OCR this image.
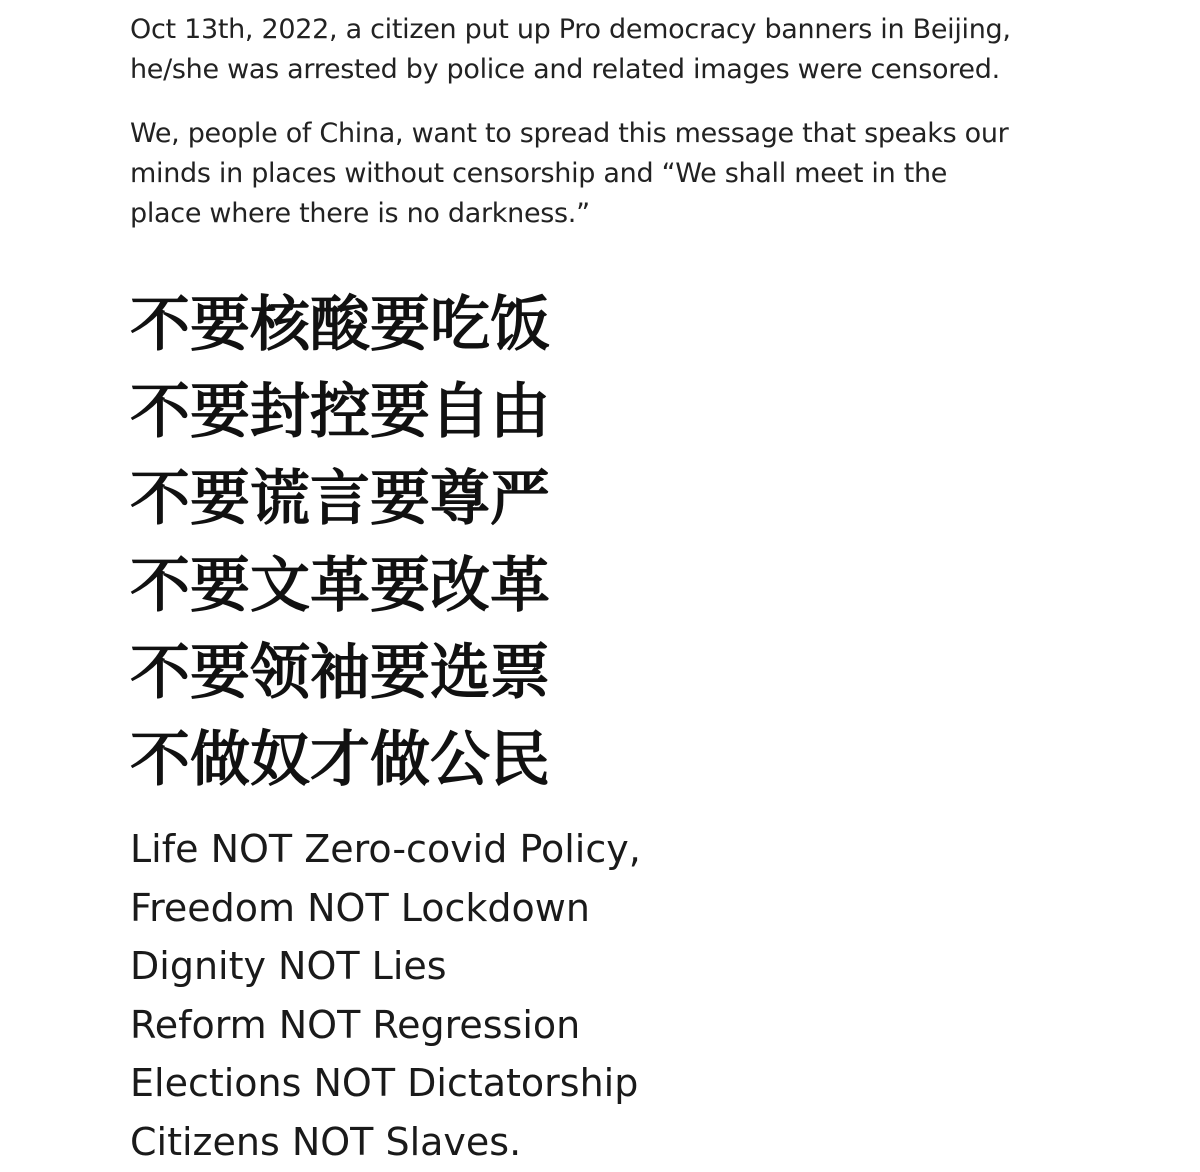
Oct 13th, 2022, a citizen put up Pro democracy banners in Beijing,
he/she was arrested by police and related images were censored.

We, people of China, want to spread this message that speaks our
minds in places without censorship and “We shall meet in the
place where there is no darkness.”

不要核酸要吃饭
不要封控要自由
不要谎言要尊严
不要文革要改革
不要领袖要选票
不做奴才做公民
Life NOT Zero-covid Policy,
Freedom NOT Lockdown
Dignity NOT Lies
Reform NOT Regression
Elections NOT Dictatorship
Citizens NOT Slaves.
